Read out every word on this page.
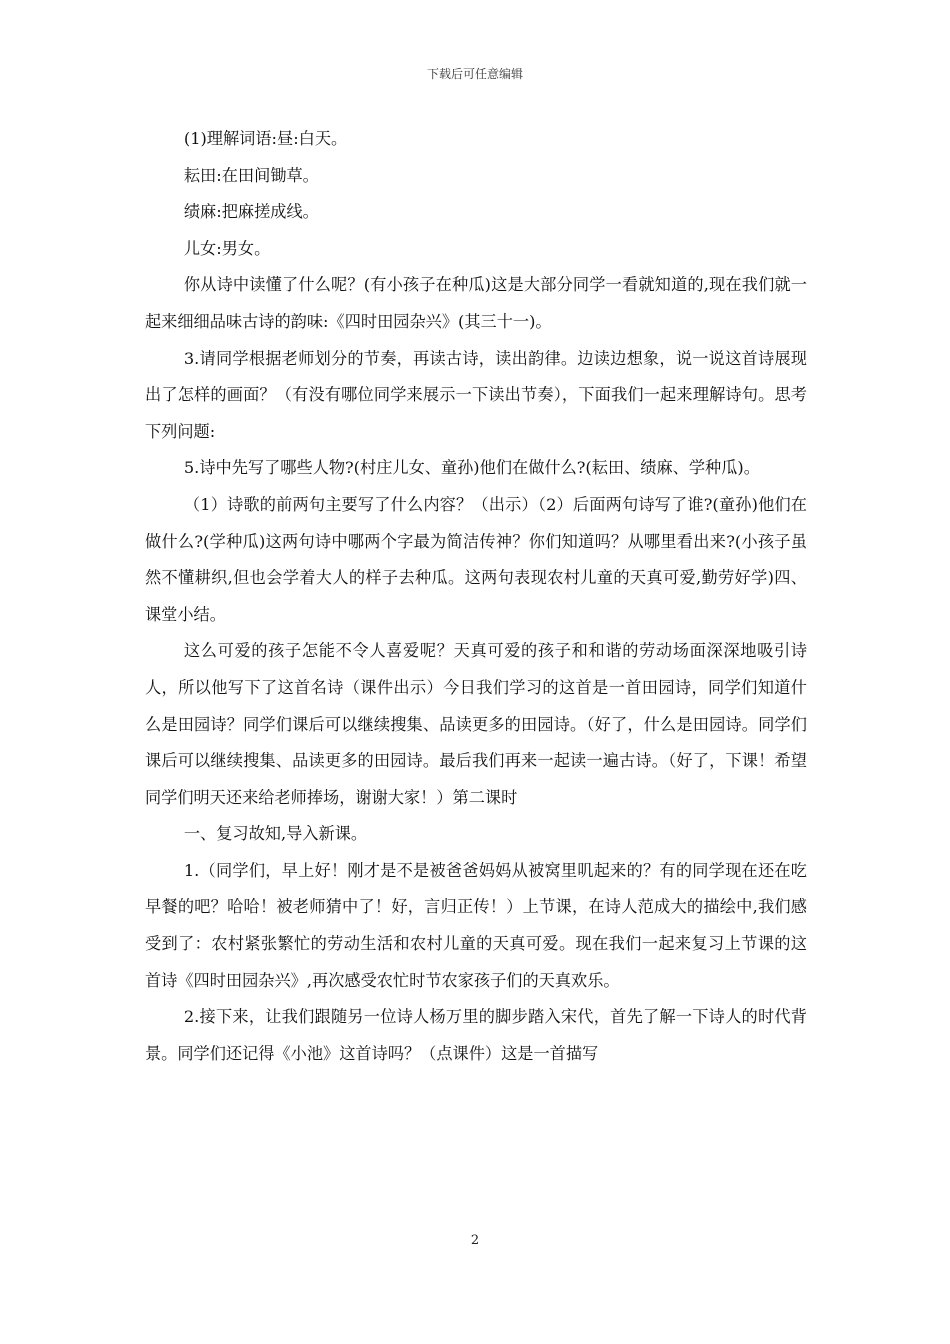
下载后可任意编辑

(1)理解词语:昼:白天。

耘田:在田间锄草。

绩麻:把麻搓成线。

儿女:男女。

你从诗中读懂了什么呢？(有小孩子在种瓜)这是大部分同学一看就知道的,现在我们就一起来细细品味古诗的韵味:《四时田园杂兴》(其三十一)。

3.请同学根据老师划分的节奏，再读古诗，读出韵律。边读边想象，说一说这首诗展现出了怎样的画面？（有没有哪位同学来展示一下读出节奏），下面我们一起来理解诗句。思考下列问题:

5.诗中先写了哪些人物?(村庄儿女、童孙)他们在做什么?(耘田、绩麻、学种瓜)。

（1）诗歌的前两句主要写了什么内容？（出示）（2）后面两句诗写了谁?(童孙)他们在做什么?(学种瓜)这两句诗中哪两个字最为简洁传神？你们知道吗？从哪里看出来?(小孩子虽然不懂耕织,但也会学着大人的样子去种瓜。这两句表现农村儿童的天真可爱,勤劳好学)四、课堂小结。

这么可爱的孩子怎能不令人喜爱呢？天真可爱的孩子和和谐的劳动场面深深地吸引诗人，所以他写下了这首名诗（课件出示）今日我们学习的这首是一首田园诗，同学们知道什么是田园诗？同学们课后可以继续搜集、品读更多的田园诗。（好了，什么是田园诗。同学们课后可以继续搜集、品读更多的田园诗。最后我们再来一起读一遍古诗。（好了，下课！希望同学们明天还来给老师捧场，谢谢大家！）第二课时

一、复习故知,导入新课。

1.（同学们，早上好！刚才是不是被爸爸妈妈从被窝里叽起来的？有的同学现在还在吃早餐的吧？哈哈！被老师猜中了！好，言归正传！）上节课，在诗人范成大的描绘中,我们感受到了：农村紧张繁忙的劳动生活和农村儿童的天真可爱。现在我们一起来复习上节课的这首诗《四时田园杂兴》,再次感受农忙时节农家孩子们的天真欢乐。

2.接下来，让我们跟随另一位诗人杨万里的脚步踏入宋代，首先了解一下诗人的时代背景。同学们还记得《小池》这首诗吗？（点课件）这是一首描写

2
